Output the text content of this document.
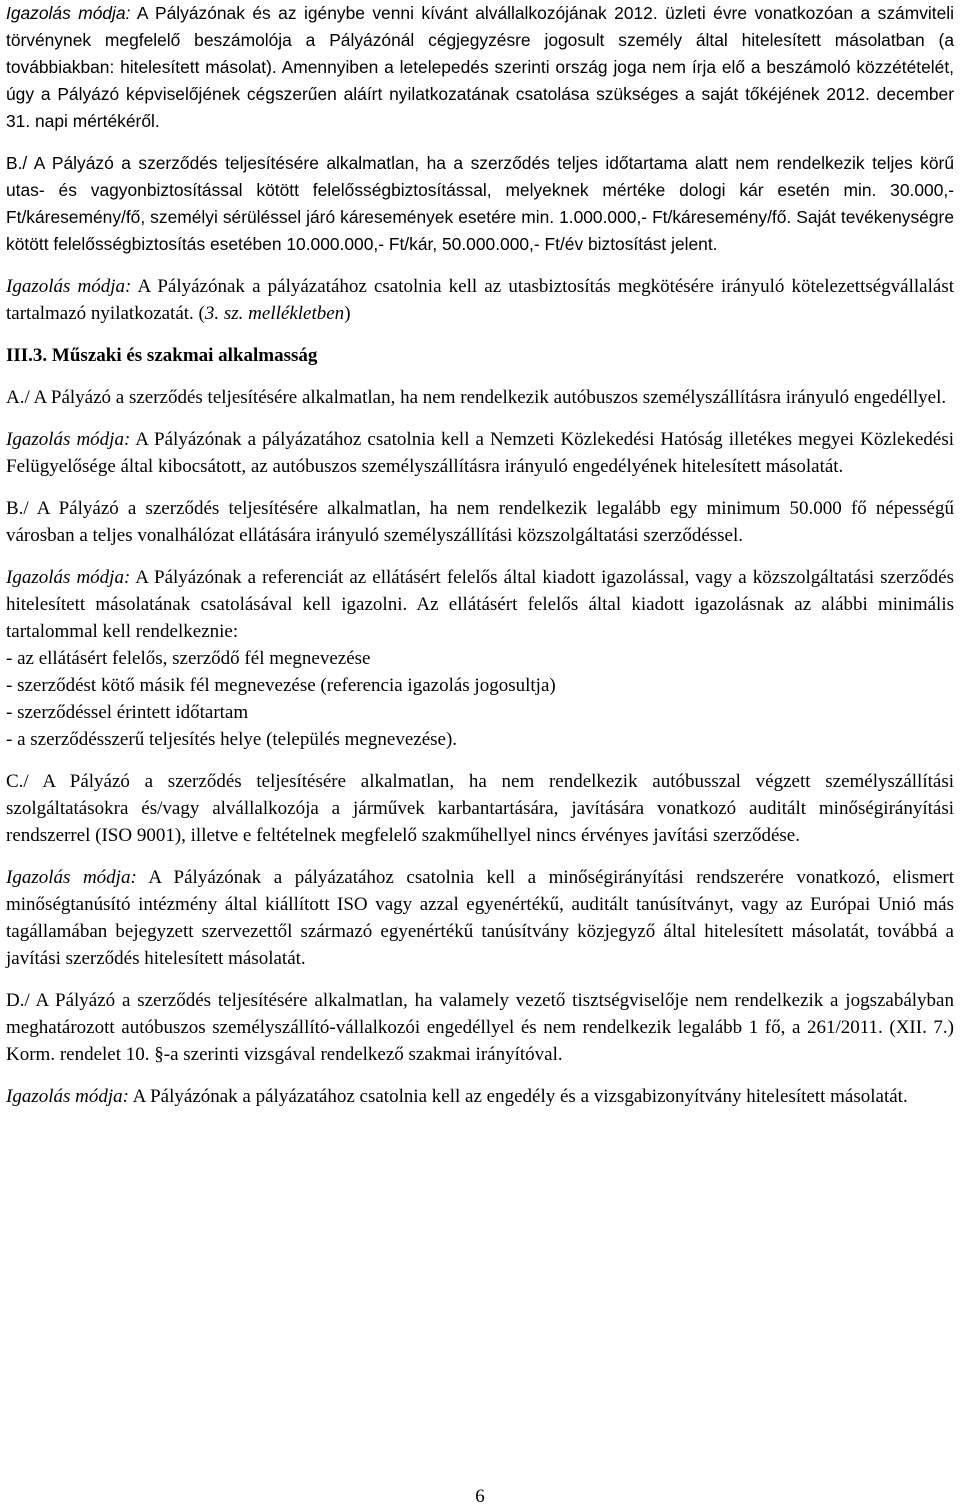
Igazolás módja: A Pályázónak és az igénybe venni kívánt alvállalkozójának 2012. üzleti évre vonatkozóan a számviteli törvénynek megfelelő beszámolója a Pályázónál cégjegyzésre jogosult személy által hitelesített másolatban (a továbbiakban: hitelesített másolat). Amennyiben a letelepedés szerinti ország joga nem írja elő a beszámoló közzétételét, úgy a Pályázó képviselőjének cégszerűen aláírt nyilatkozatának csatolása szükséges a saját tőkéjének 2012. december 31. napi mértékéről.

B./ A Pályázó a szerződés teljesítésére alkalmatlan, ha a szerződés teljes időtartama alatt nem rendelkezik teljes körű utas- és vagyonbiztosítással kötött felelősségbiztosítással, melyeknek mértéke dologi kár esetén min. 30.000,- Ft/káresemény/fő, személyi sérüléssel járó káresemények esetére min. 1.000.000,- Ft/káresemény/fő. Saját tevékenységre kötött felelősségbiztosítás esetében 10.000.000,- Ft/kár, 50.000.000,- Ft/év biztosítást jelent.

Igazolás módja: A Pályázónak a pályázatához csatolnia kell az utasbiztosítás megkötésére irányuló kötelezettségvállalást tartalmazó nyilatkozatát. (3. sz. mellékletben)

III.3. Műszaki és szakmai alkalmasság

A./ A Pályázó a szerződés teljesítésére alkalmatlan, ha nem rendelkezik autóbuszos személyszállításra irányuló engedéllyel.

Igazolás módja: A Pályázónak a pályázatához csatolnia kell a Nemzeti Közlekedési Hatóság illetékes megyei Közlekedési Felügyelősége által kibocsátott, az autóbuszos személyszállításra irányuló engedélyének hitelesített másolatát.

B./ A Pályázó a szerződés teljesítésére alkalmatlan, ha nem rendelkezik legalább egy minimum 50.000 fő népességű városban a teljes vonalhálózat ellátására irányuló személyszállítási közszolgáltatási szerződéssel.

Igazolás módja: A Pályázónak a referenciát az ellátásért felelős által kiadott igazolással, vagy a közszolgáltatási szerződés hitelesített másolatának csatolásával kell igazolni. Az ellátásért felelős által kiadott igazolásnak az alábbi minimális tartalommal kell rendelkeznie:

- az ellátásért felelős, szerződő fél megnevezése

- szerződést kötő másik fél megnevezése (referencia igazolás jogosultja)

- szerződéssel érintett időtartam

- a szerződésszerű teljesítés helye (település megnevezése).

C./ A Pályázó a szerződés teljesítésére alkalmatlan, ha nem rendelkezik autóbusszal végzett személyszállítási szolgáltatásokra és/vagy alvállalkozója a járművek karbantartására, javítására vonatkozó auditált minőségirányítási rendszerrel (ISO 9001), illetve e feltételnek megfelelő szakműhellyel nincs érvényes javítási szerződése.

Igazolás módja: A Pályázónak a pályázatához csatolnia kell a minőségirányítási rendszerére vonatkozó, elismert minőségtanúsító intézmény által kiállított ISO vagy azzal egyenértékű, auditált tanúsítványt, vagy az Európai Unió más tagállamában bejegyzett szervezettől származó egyenértékű tanúsítvány közjegyző által hitelesített másolatát, továbbá a javítási szerződés hitelesített másolatát.

D./ A Pályázó a szerződés teljesítésére alkalmatlan, ha valamely vezető tisztségviselője nem rendelkezik a jogszabályban meghatározott autóbuszos személyszállító-vállalkozói engedéllyel és nem rendelkezik legalább 1 fő, a 261/2011. (XII. 7.) Korm. rendelet 10. §-a szerinti vizsgával rendelkező szakmai irányítóval.

Igazolás módja: A Pályázónak a pályázatához csatolnia kell az engedély és a vizsgabizonyítvány hitelesített másolatát.

6
